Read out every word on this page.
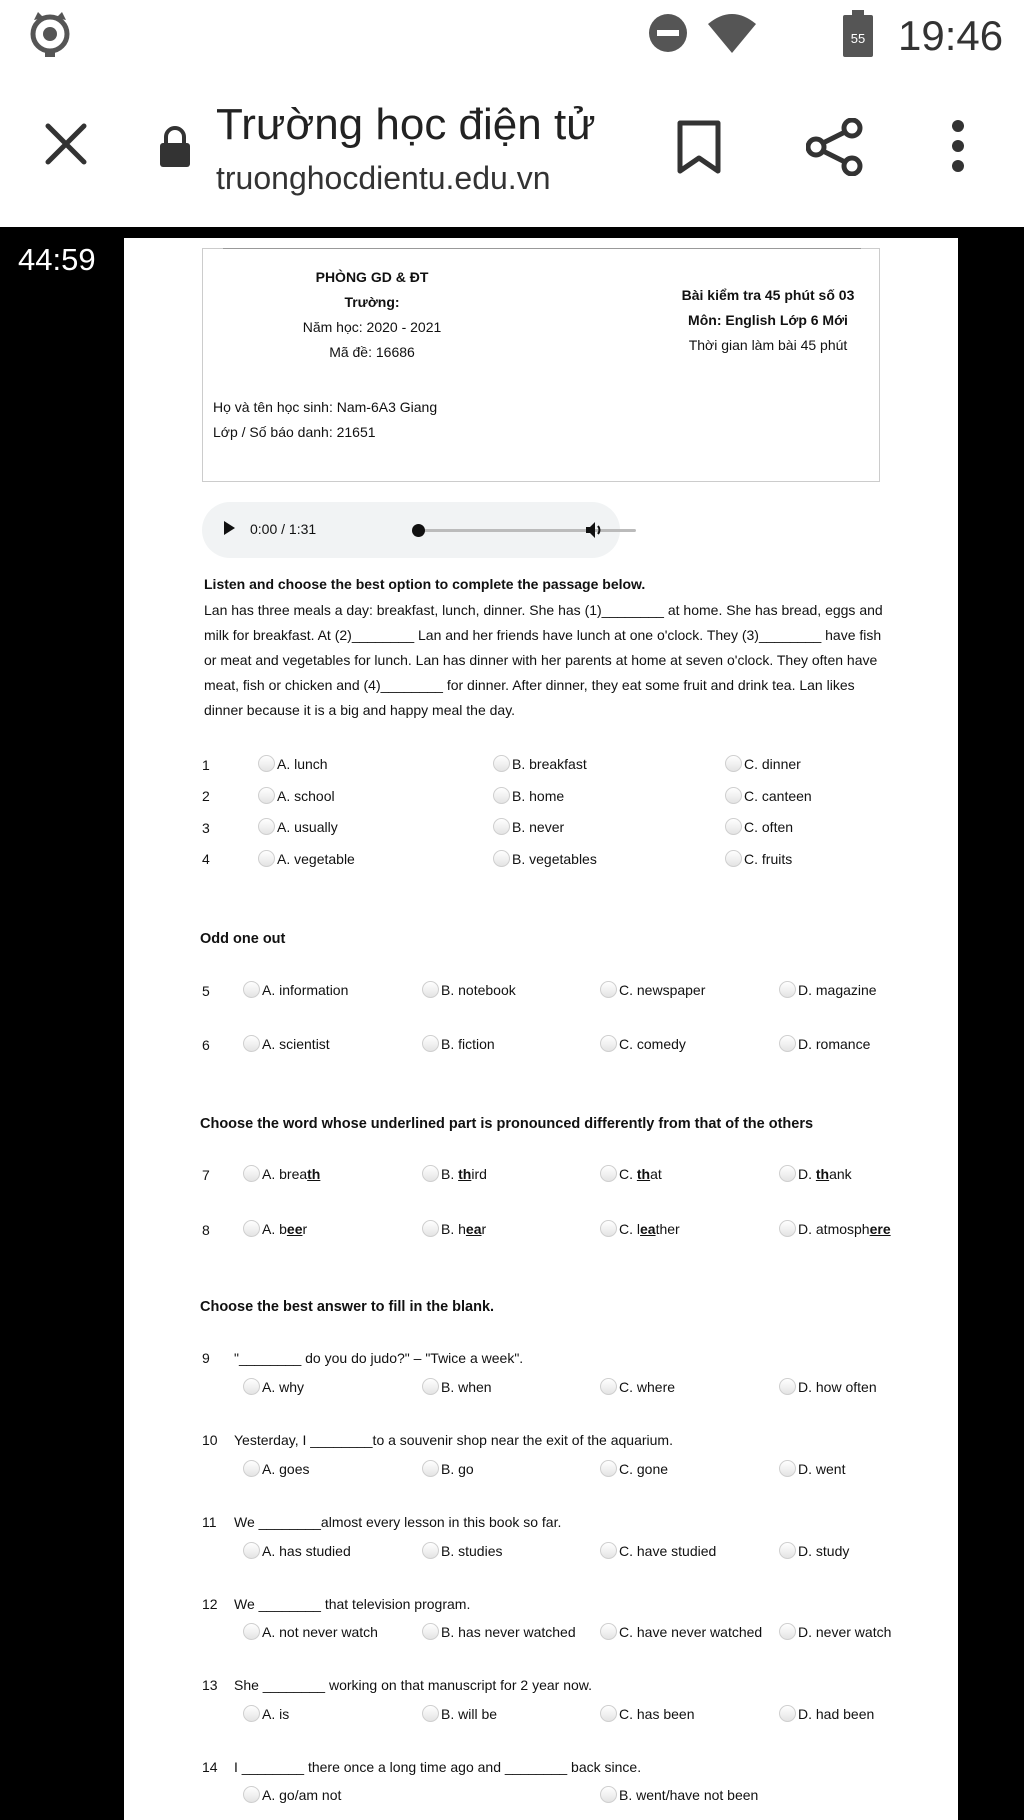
55 19:46
Trường học điện tử
truonghocdientu.edu.vn
44:59	PHÒNG GD & ĐT
Trường:
Năm học: 2020 - 2021
Mã đề: 16686
Bài kiểm tra 45 phút số 03
Môn: English Lớp 6 Mới
Thời gian làm bài 45 phút
Họ và tên học sinh: Nam-6A3 Giang
Lớp / Số báo danh: 21651
0:00 / 1:31
Listen and choose the best option to complete the passage below.
Lan has three meals a day: breakfast, lunch, dinner. She has (1)________ at home. She has bread, eggs and milk for breakfast. At (2)________ Lan and her friends have lunch at one o'clock. They (3)________ have fish or meat and vegetables for lunch. Lan has dinner with her parents at home at seven o'clock. They often have meat, fish or chicken and (4)________ for dinner. After dinner, they eat some fruit and drink tea. Lan likes dinner because it is a big and happy meal the day.
1	A. lunch	B. breakfast	C. dinner
2	A. school	B. home	C. canteen
3	A. usually	B. never	C. often
4	A. vegetable	B. vegetables	C. fruits
Odd one out
5	A. information	B. notebook	C. newspaper	D. magazine
6	A. scientist	B. fiction	C. comedy	D. romance
Choose the word whose underlined part is pronounced differently from that of the others
7	A. breath	B. third	C. that	D. thank
8	A. beer	B. hear	C. leather	D. atmosphere
Choose the best answer to fill in the blank.
9 "________ do you do judo?" – "Twice a week".
A. why	B. when	C. where	D. how often
10 Yesterday, I ________to a souvenir shop near the exit of the aquarium.
A. goes	B. go	C. gone	D. went
11 We ________almost every lesson in this book so far.
A. has studied	B. studies	C. have studied	D. study
12 We ________ that television program.
A. not never watch	B. has never watched	C. have never watched	D. never watch
13 She ________ working on that manuscript for 2 year now.
A. is	B. will be	C. has been	D. had been
14 I ________ there once a long time ago and ________ back since.
A. go/am not	B. went/have not been
